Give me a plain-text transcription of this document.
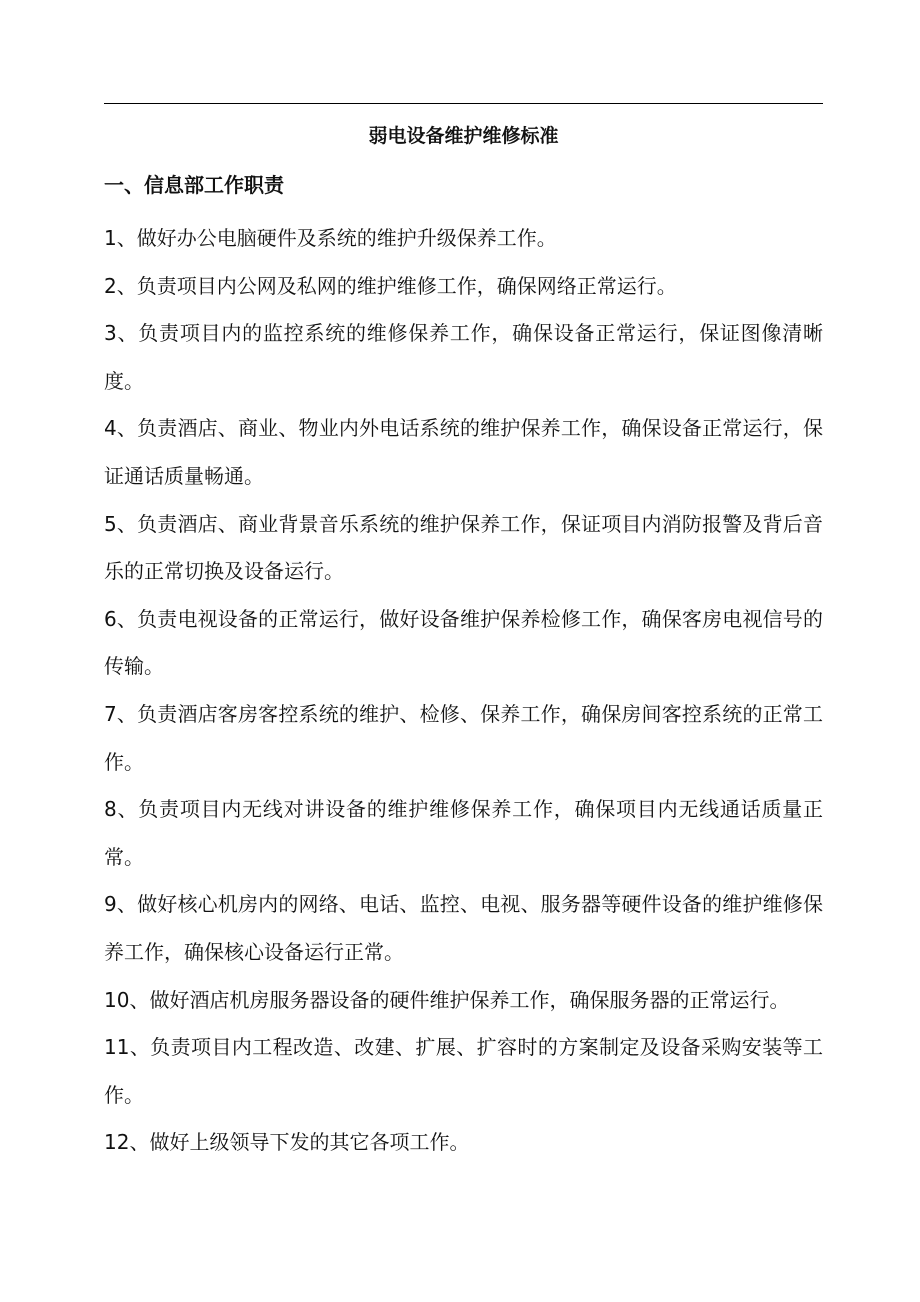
弱电设备维护维修标准
一、信息部工作职责
1、做好办公电脑硬件及系统的维护升级保养工作。
2、负责项目内公网及私网的维护维修工作，确保网络正常运行。
3、负责项目内的监控系统的维修保养工作，确保设备正常运行，保证图像清晰度。
4、负责酒店、商业、物业内外电话系统的维护保养工作，确保设备正常运行，保证通话质量畅通。
5、负责酒店、商业背景音乐系统的维护保养工作，保证项目内消防报警及背后音乐的正常切换及设备运行。
6、负责电视设备的正常运行，做好设备维护保养检修工作，确保客房电视信号的传输。
7、负责酒店客房客控系统的维护、检修、保养工作，确保房间客控系统的正常工作。
8、负责项目内无线对讲设备的维护维修保养工作，确保项目内无线通话质量正常。
9、做好核心机房内的网络、电话、监控、电视、服务器等硬件设备的维护维修保养工作，确保核心设备运行正常。
10、做好酒店机房服务器设备的硬件维护保养工作，确保服务器的正常运行。
11、负责项目内工程改造、改建、扩展、扩容时的方案制定及设备采购安装等工作。
12、做好上级领导下发的其它各项工作。
